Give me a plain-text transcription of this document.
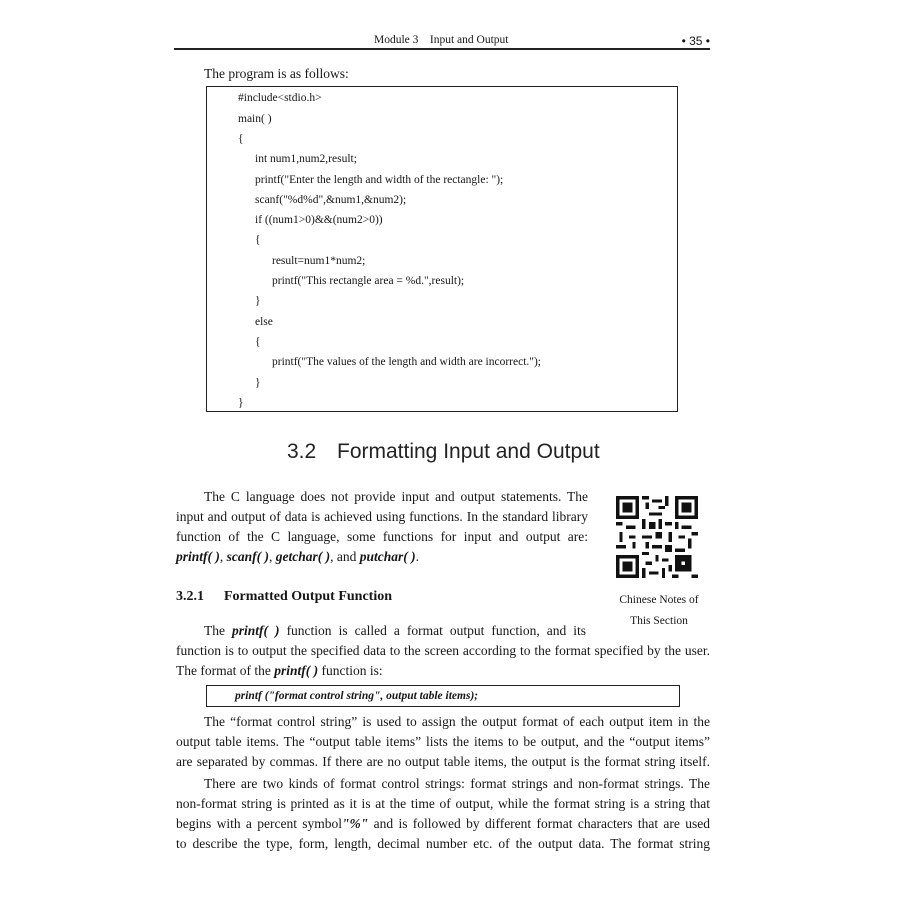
Module 3    Input and Output	• 35 •
The program is as follows:
#include<stdio.h>
main( )
{
int num1,num2,result;
printf("Enter the length and width of the rectangle: ");
scanf("%d%d",&num1,&num2);
if ((num1>0)&&(num2>0))
{
result=num1*num2;
printf("This rectangle area = %d.",result);
}
else
{
printf("The values of the length and width are incorrect.");
}
}
3.2 Formatting Input and Output
The C language does not provide input and output statements. The
input and output of data is achieved using functions. In the standard library
function of the C language, some functions for input and output are:
printf( ), scanf( ), getchar( ), and putchar( ).
Chinese Notes of
This Section
3.2.1 Formatted Output Function
The printf( ) function is called a format output function, and its
function is to output the specified data to the screen according to the format specified by the user.
The format of the printf( ) function is:
printf ("format control string", output table items);
The “format control string” is used to assign the output format of each output item in the
output table items. The “output table items” lists the items to be output, and the “output items”
are separated by commas. If there are no output table items, the output is the format string itself.
There are two kinds of format control strings: format strings and non-format strings. The
non-format string is printed as it is at the time of output, while the format string is a string that
begins with a percent symbol"%" and is followed by different format characters that are used
to describe the type, form, length, decimal number etc. of the output data. The format string
